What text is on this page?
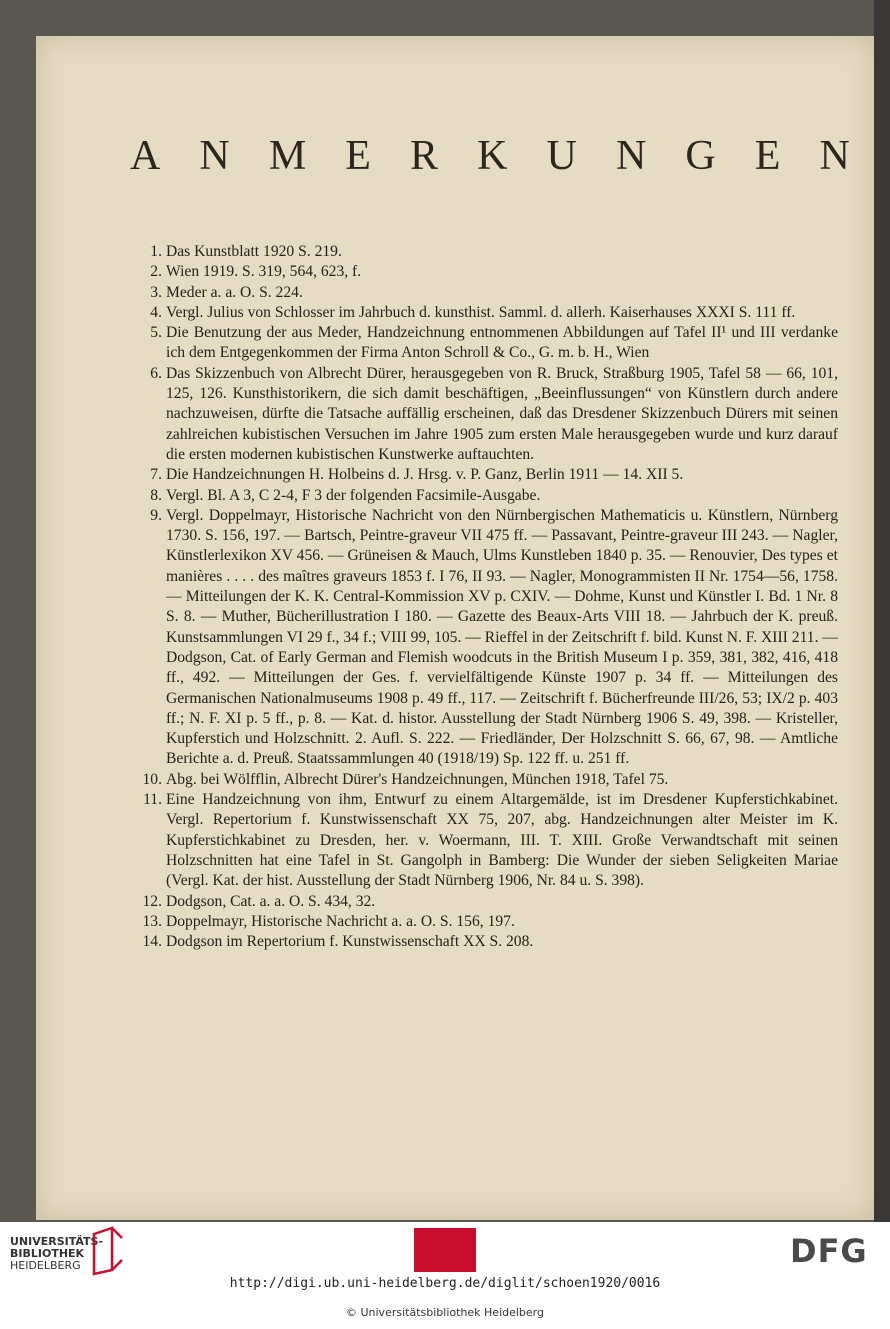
A N M E R K U N G E N
1. Das Kunstblatt 1920 S. 219.
2. Wien 1919. S. 319, 564, 623, f.
3. Meder a. a. O. S. 224.
4. Vergl. Julius von Schlosser im Jahrbuch d. kunsthist. Samml. d. allerh. Kaiserhauses XXXI S. 111 ff.
5. Die Benutzung der aus Meder, Handzeichnung entnommenen Abbildungen auf Tafel II¹ und III verdanke ich dem Entgegenkommen der Firma Anton Schroll & Co., G. m. b. H., Wien
6. Das Skizzenbuch von Albrecht Dürer, herausgegeben von R. Bruck, Straßburg 1905, Tafel 58 — 66, 101, 125, 126. Kunsthistorikern, die sich damit beschäftigen, „Beeinflussungen“ von Künstlern durch andere nachzuweisen, dürfte die Tatsache auffällig erscheinen, daß das Dresdener Skizzenbuch Dürers mit seinen zahlreichen kubistischen Versuchen im Jahre 1905 zum ersten Male herausgegeben wurde und kurz darauf die ersten modernen kubistischen Kunstwerke auftauchten.
7. Die Handzeichnungen H. Holbeins d. J. Hrsg. v. P. Ganz, Berlin 1911 — 14. XII 5.
8. Vergl. Bl. A 3, C 2-4, F 3 der folgenden Facsimile-Ausgabe.
9. Vergl. Doppelmayr, Historische Nachricht von den Nürnbergischen Mathematicis u. Künstlern, Nürnberg 1730. S. 156, 197. — Bartsch, Peintre-graveur VII 475 ff. — Passavant, Peintre-graveur III 243. — Nagler, Künstlerlexikon XV 456. — Grüneisen & Mauch, Ulms Kunstleben 1840 p. 35. — Renouvier, Des types et manières . . . . des maîtres graveurs 1853 f. I 76, II 93. — Nagler, Monogrammisten II Nr. 1754—56, 1758. — Mitteilungen der K. K. Central-Kommission XV p. CXIV. — Dohme, Kunst und Künstler I. Bd. 1 Nr. 8 S. 8. — Muther, Bücherillustration I 180. — Gazette des Beaux-Arts VIII 18. — Jahrbuch der K. preuß. Kunstsammlungen VI 29 f., 34 f.; VIII 99, 105. — Rieffel in der Zeitschrift f. bild. Kunst N. F. XIII 211. — Dodgson, Cat. of Early German and Flemish woodcuts in the British Museum I p. 359, 381, 382, 416, 418 ff., 492. — Mitteilungen der Ges. f. vervielfältigende Künste 1907 p. 34 ff. — Mitteilungen des Germanischen Nationalmuseums 1908 p. 49 ff., 117. — Zeitschrift f. Bücherfreunde III/26, 53; IX/2 p. 403 ff.; N. F. XI p. 5 ff., p. 8. — Kat. d. histor. Ausstellung der Stadt Nürnberg 1906 S. 49, 398. — Kristeller, Kupferstich und Holzschnitt. 2. Aufl. S. 222. — Friedländer, Der Holzschnitt S. 66, 67, 98. — Amtliche Berichte a. d. Preuß. Staatssammlungen 40 (1918/19) Sp. 122 ff. u. 251 ff.
10. Abg. bei Wölfflin, Albrecht Dürer's Handzeichnungen, München 1918, Tafel 75.
11. Eine Handzeichnung von ihm, Entwurf zu einem Altargemälde, ist im Dresdener Kupferstichkabinet. Vergl. Repertorium f. Kunstwissenschaft XX 75, 207, abg. Handzeichnungen alter Meister im K. Kupferstichkabinet zu Dresden, her. v. Woermann, III. T. XIII. Große Verwandtschaft mit seinen Holzschnitten hat eine Tafel in St. Gangolph in Bamberg: Die Wunder der sieben Seligkeiten Mariae (Vergl. Kat. der hist. Ausstellung der Stadt Nürnberg 1906, Nr. 84 u. S. 398).
12. Dodgson, Cat. a. a. O. S. 434, 32.
13. Doppelmayr, Historische Nachricht a. a. O. S. 156, 197.
14. Dodgson im Repertorium f. Kunstwissenschaft XX S. 208.
UNIVERSITÄTS-
BIBLIOTHEK
HEIDELBERG	DFG
http://digi.ub.uni-heidelberg.de/diglit/schoen1920/0016
© Universitätsbibliothek Heidelberg
